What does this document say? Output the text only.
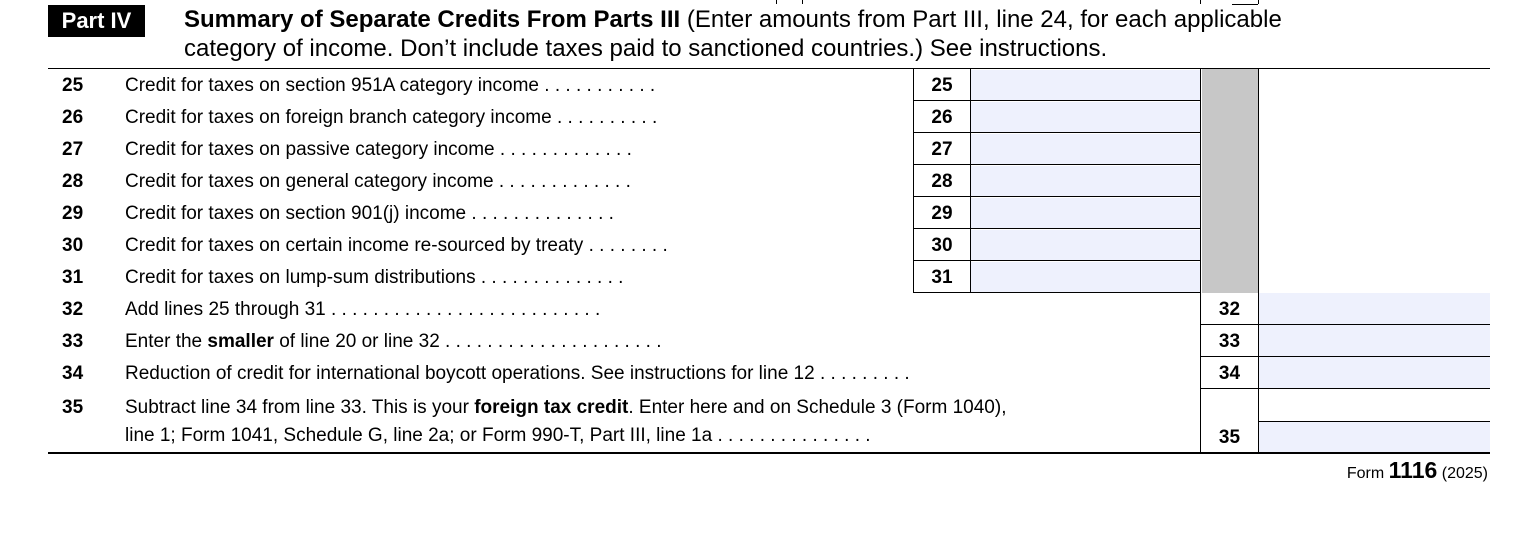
Part IV	Summary of Separate Credits From Parts III (Enter amounts from Part III, line 24, for each applicable
category of income. Don’t include taxes paid to sanctioned countries.) See instructions.
25 Credit for taxes on section 951A category income . . . . . . . . . . .	25
26 Credit for taxes on foreign branch category income . . . . . . . . . .	26
27 Credit for taxes on passive category income . . . . . . . . . . . . .	27
28 Credit for taxes on general category income . . . . . . . . . . . . .	28
29 Credit for taxes on section 901(j) income . . . . . . . . . . . . . .	29
30 Credit for taxes on certain income re-sourced by treaty . . . . . . . .	30
31 Credit for taxes on lump-sum distributions . . . . . . . . . . . . . .	31
32 Add lines 25 through 31 . . . . . . . . . . . . . . . . . . . . . . . . . .	32
33 Enter the smaller of line 20 or line 32 . . . . . . . . . . . . . . . . . . . . .	33
34 Reduction of credit for international boycott operations. See instructions for line 12 . . . . . . . . .	34
35 Subtract line 34 from line 33. This is your foreign tax credit. Enter here and on Schedule 3 (Form 1040),
line 1; Form 1041, Schedule G, line 2a; or Form 990-T, Part III, line 1a . . . . . . . . . . . . . . .	35
Form 1116 (2025)
